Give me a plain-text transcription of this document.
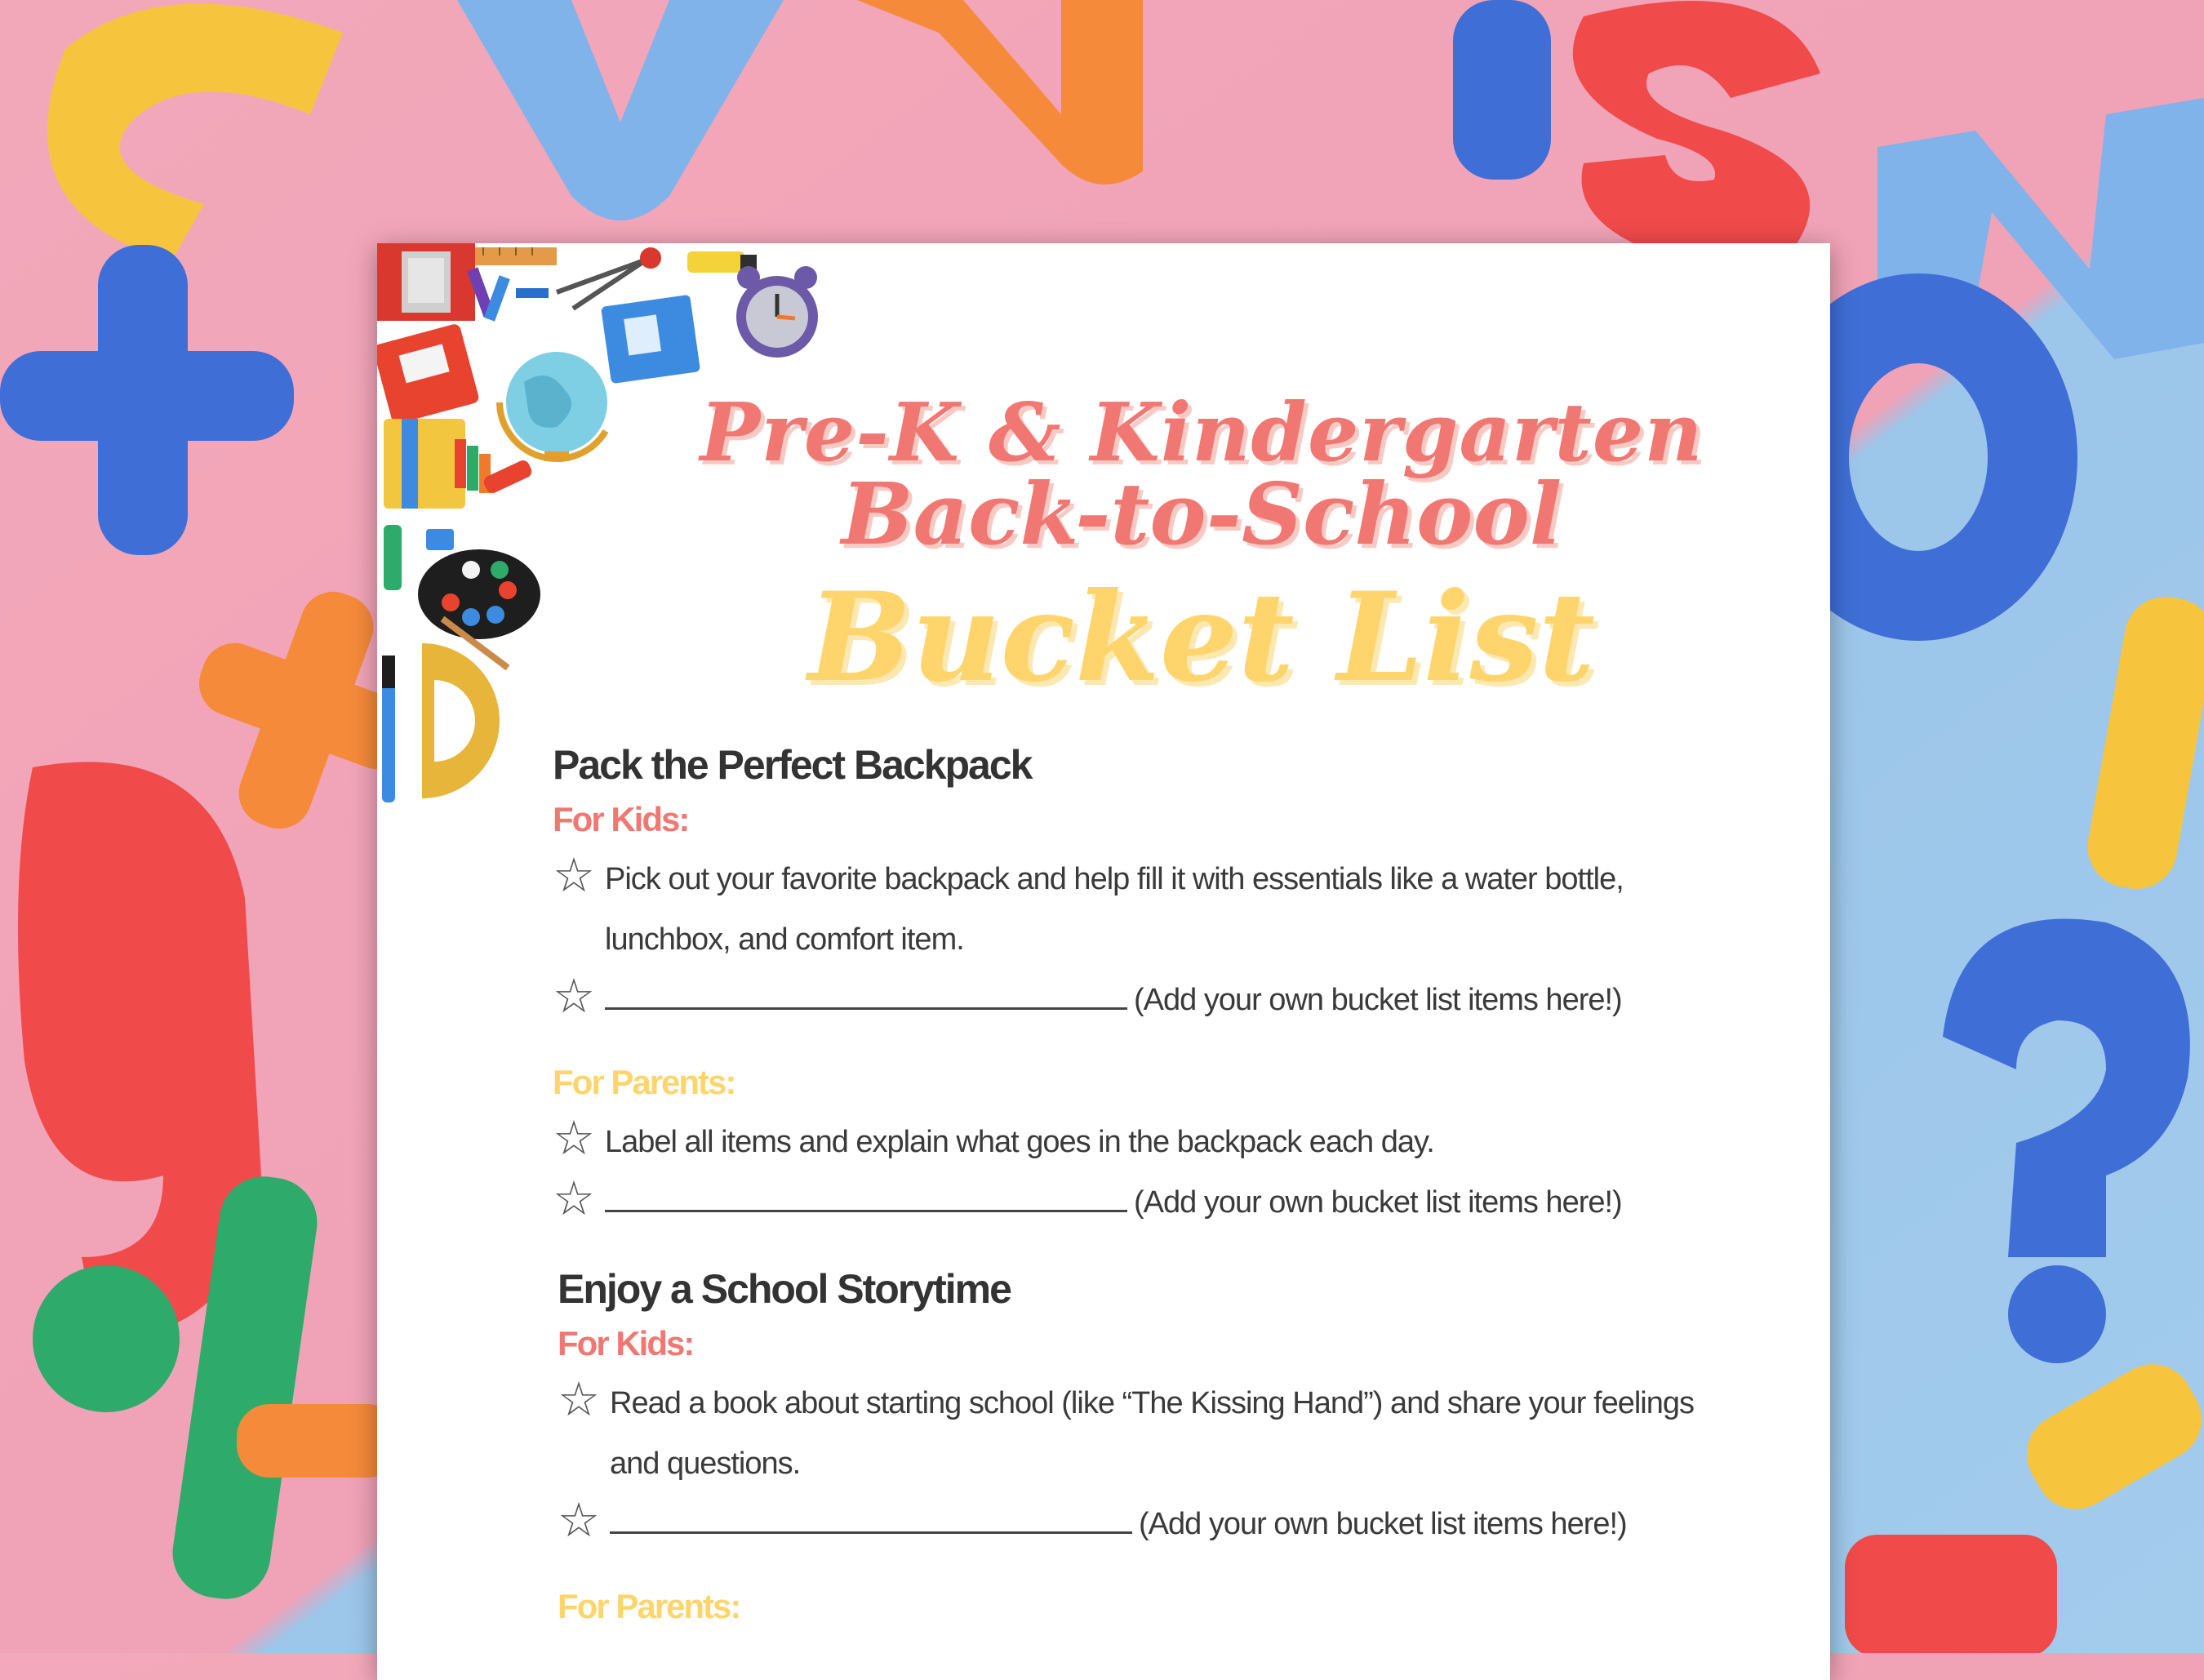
Pre-K & Kindergarten
Back-to-School
Bucket List
Pack the Perfect Backpack
For Kids:
☆ Pick out your favorite backpack and help fill it with essentials like a water bottle, lunchbox, and comfort item.
☆	(Add your own bucket list items here!)
For Parents:
☆ Label all items and explain what goes in the backpack each day.
☆	(Add your own bucket list items here!)
Enjoy a School Storytime
For Kids:
☆ Read a book about starting school (like “The Kissing Hand”) and share your feelings and questions.
☆	(Add your own bucket list items here!)
For Parents:
